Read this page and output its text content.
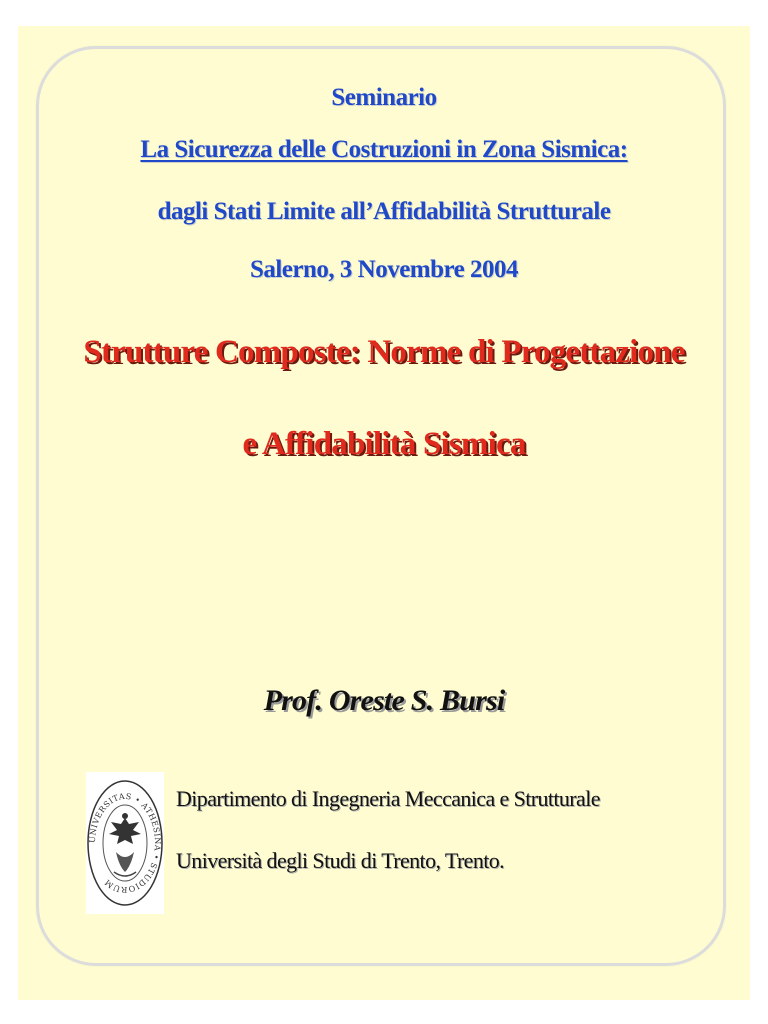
Seminario
La Sicurezza delle Costruzioni in Zona Sismica:
dagli Stati Limite all’Affidabilità Strutturale
Salerno, 3 Novembre 2004
Strutture Composte: Norme di Progettazione
e Affidabilità Sismica
Prof. Oreste S. Bursi
UNIVERSITAS • ATHESINA • STUDIORUM
Dipartimento di Ingegneria Meccanica e Strutturale
Università degli Studi di Trento, Trento.
